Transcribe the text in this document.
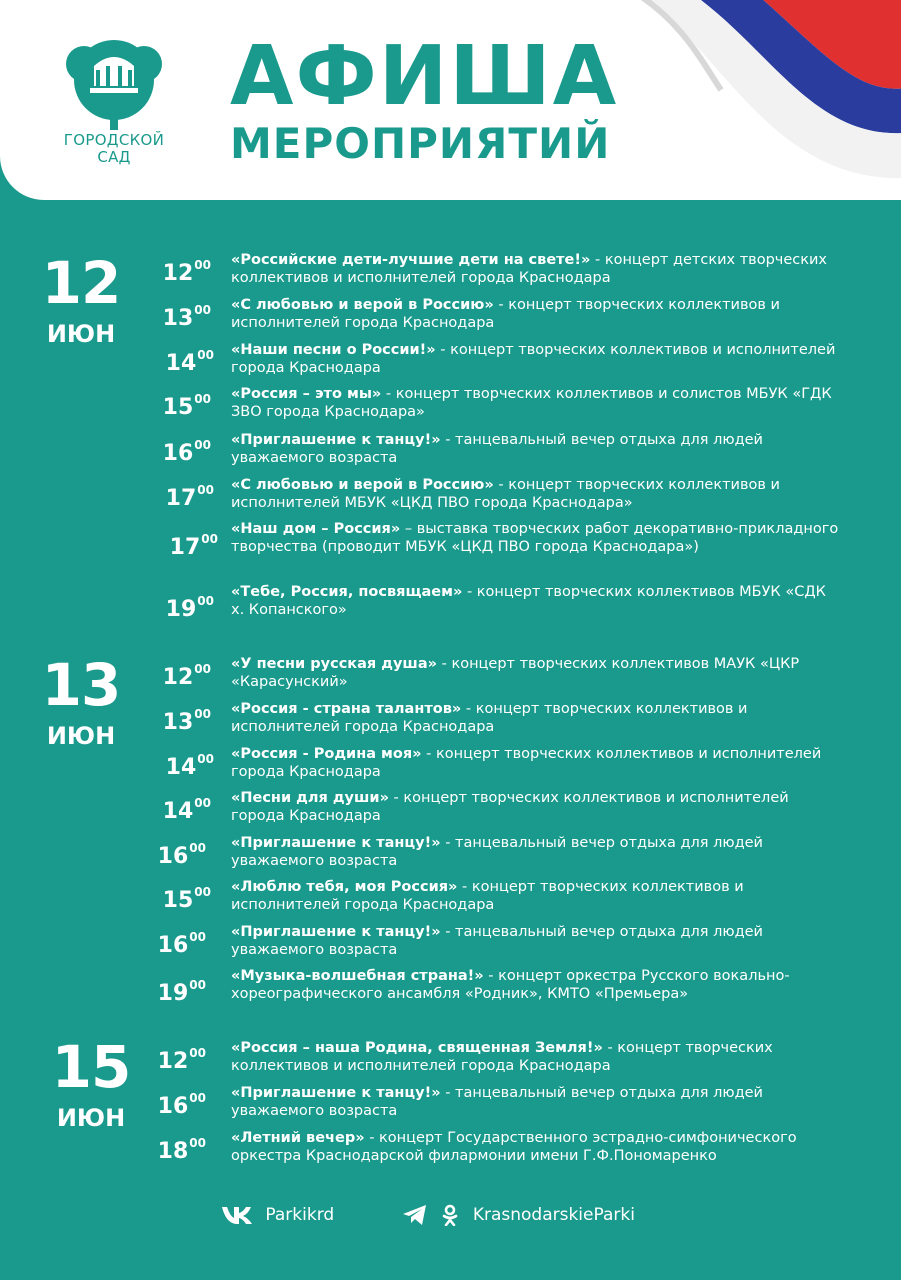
ГОРОДСКОЙ
САД
АФИША
МЕРОПРИЯТИЙ
12
ИЮН
$12^{00}$ «Российские дети-лучшие дети на свете!» - концерт детских творческих коллективов и исполнителей города Краснодара
$13^{00}$ «С любовью и верой в Россию» - концерт творческих коллективов и исполнителей города Краснодара
$14^{00}$ «Наши песни о России!» - концерт творческих коллективов и исполнителей города Краснодара
$15^{00}$ «Россия – это мы» - концерт творческих коллективов и солистов МБУК «ГДК ЗВО города Краснодара»
$16^{00}$ «Приглашение к танцу!» - танцевальный вечер отдыха для людей уважаемого возраста
$17^{00}$ «С любовью и верой в Россию» - концерт творческих коллективов и исполнителей МБУК «ЦКД ПВО города Краснодара»
$17^{00}$
«Наш дом – Россия» – выставка творческих работ декоративно-прикладного творчества (проводит МБУК «ЦКД ПВО города Краснодара»)
$19^{00}$
«Тебе, Россия, посвящаем» - концерт творческих коллективов МБУК «СДК х. Копанского»
13
ИЮН
$12^{00}$ «У песни русская душа» - концерт творческих коллективов МАУК «ЦКР «Карасунский»
$13^{00}$ «Россия - страна талантов» - концерт творческих коллективов и исполнителей города Краснодара
$14^{00}$ «Россия - Родина моя» - концерт творческих коллективов и исполнителей города Краснодара
$14^{00}$ «Песни для души» - концерт творческих коллективов и исполнителей города Краснодара
$16^{00}$ «Приглашение к танцу!» - танцевальный вечер отдыха для людей уважаемого возраста
$15^{00}$ «Люблю тебя, моя Россия» - концерт творческих коллективов и исполнителей города Краснодара
$16^{00}$ «Приглашение к танцу!» - танцевальный вечер отдыха для людей уважаемого возраста
$19^{00}$
«Музыка-волшебная страна!» - концерт оркестра Русского вокально-хореографического ансамбля «Родник», КМТО «Премьера»
15
ИЮН
$12^{00}$ «Россия – наша Родина, священная Земля!» - концерт творческих коллективов и исполнителей города Краснодара
$16^{00}$ «Приглашение к танцу!» - танцевальный вечер отдыха для людей уважаемого возраста
$18^{00}$ «Летний вечер» - концерт Государственного эстрадно-симфонического оркестра Краснодарской филармонии имени Г.Ф.Пономаренко
Parkikrd	KrasnodarskieParki
